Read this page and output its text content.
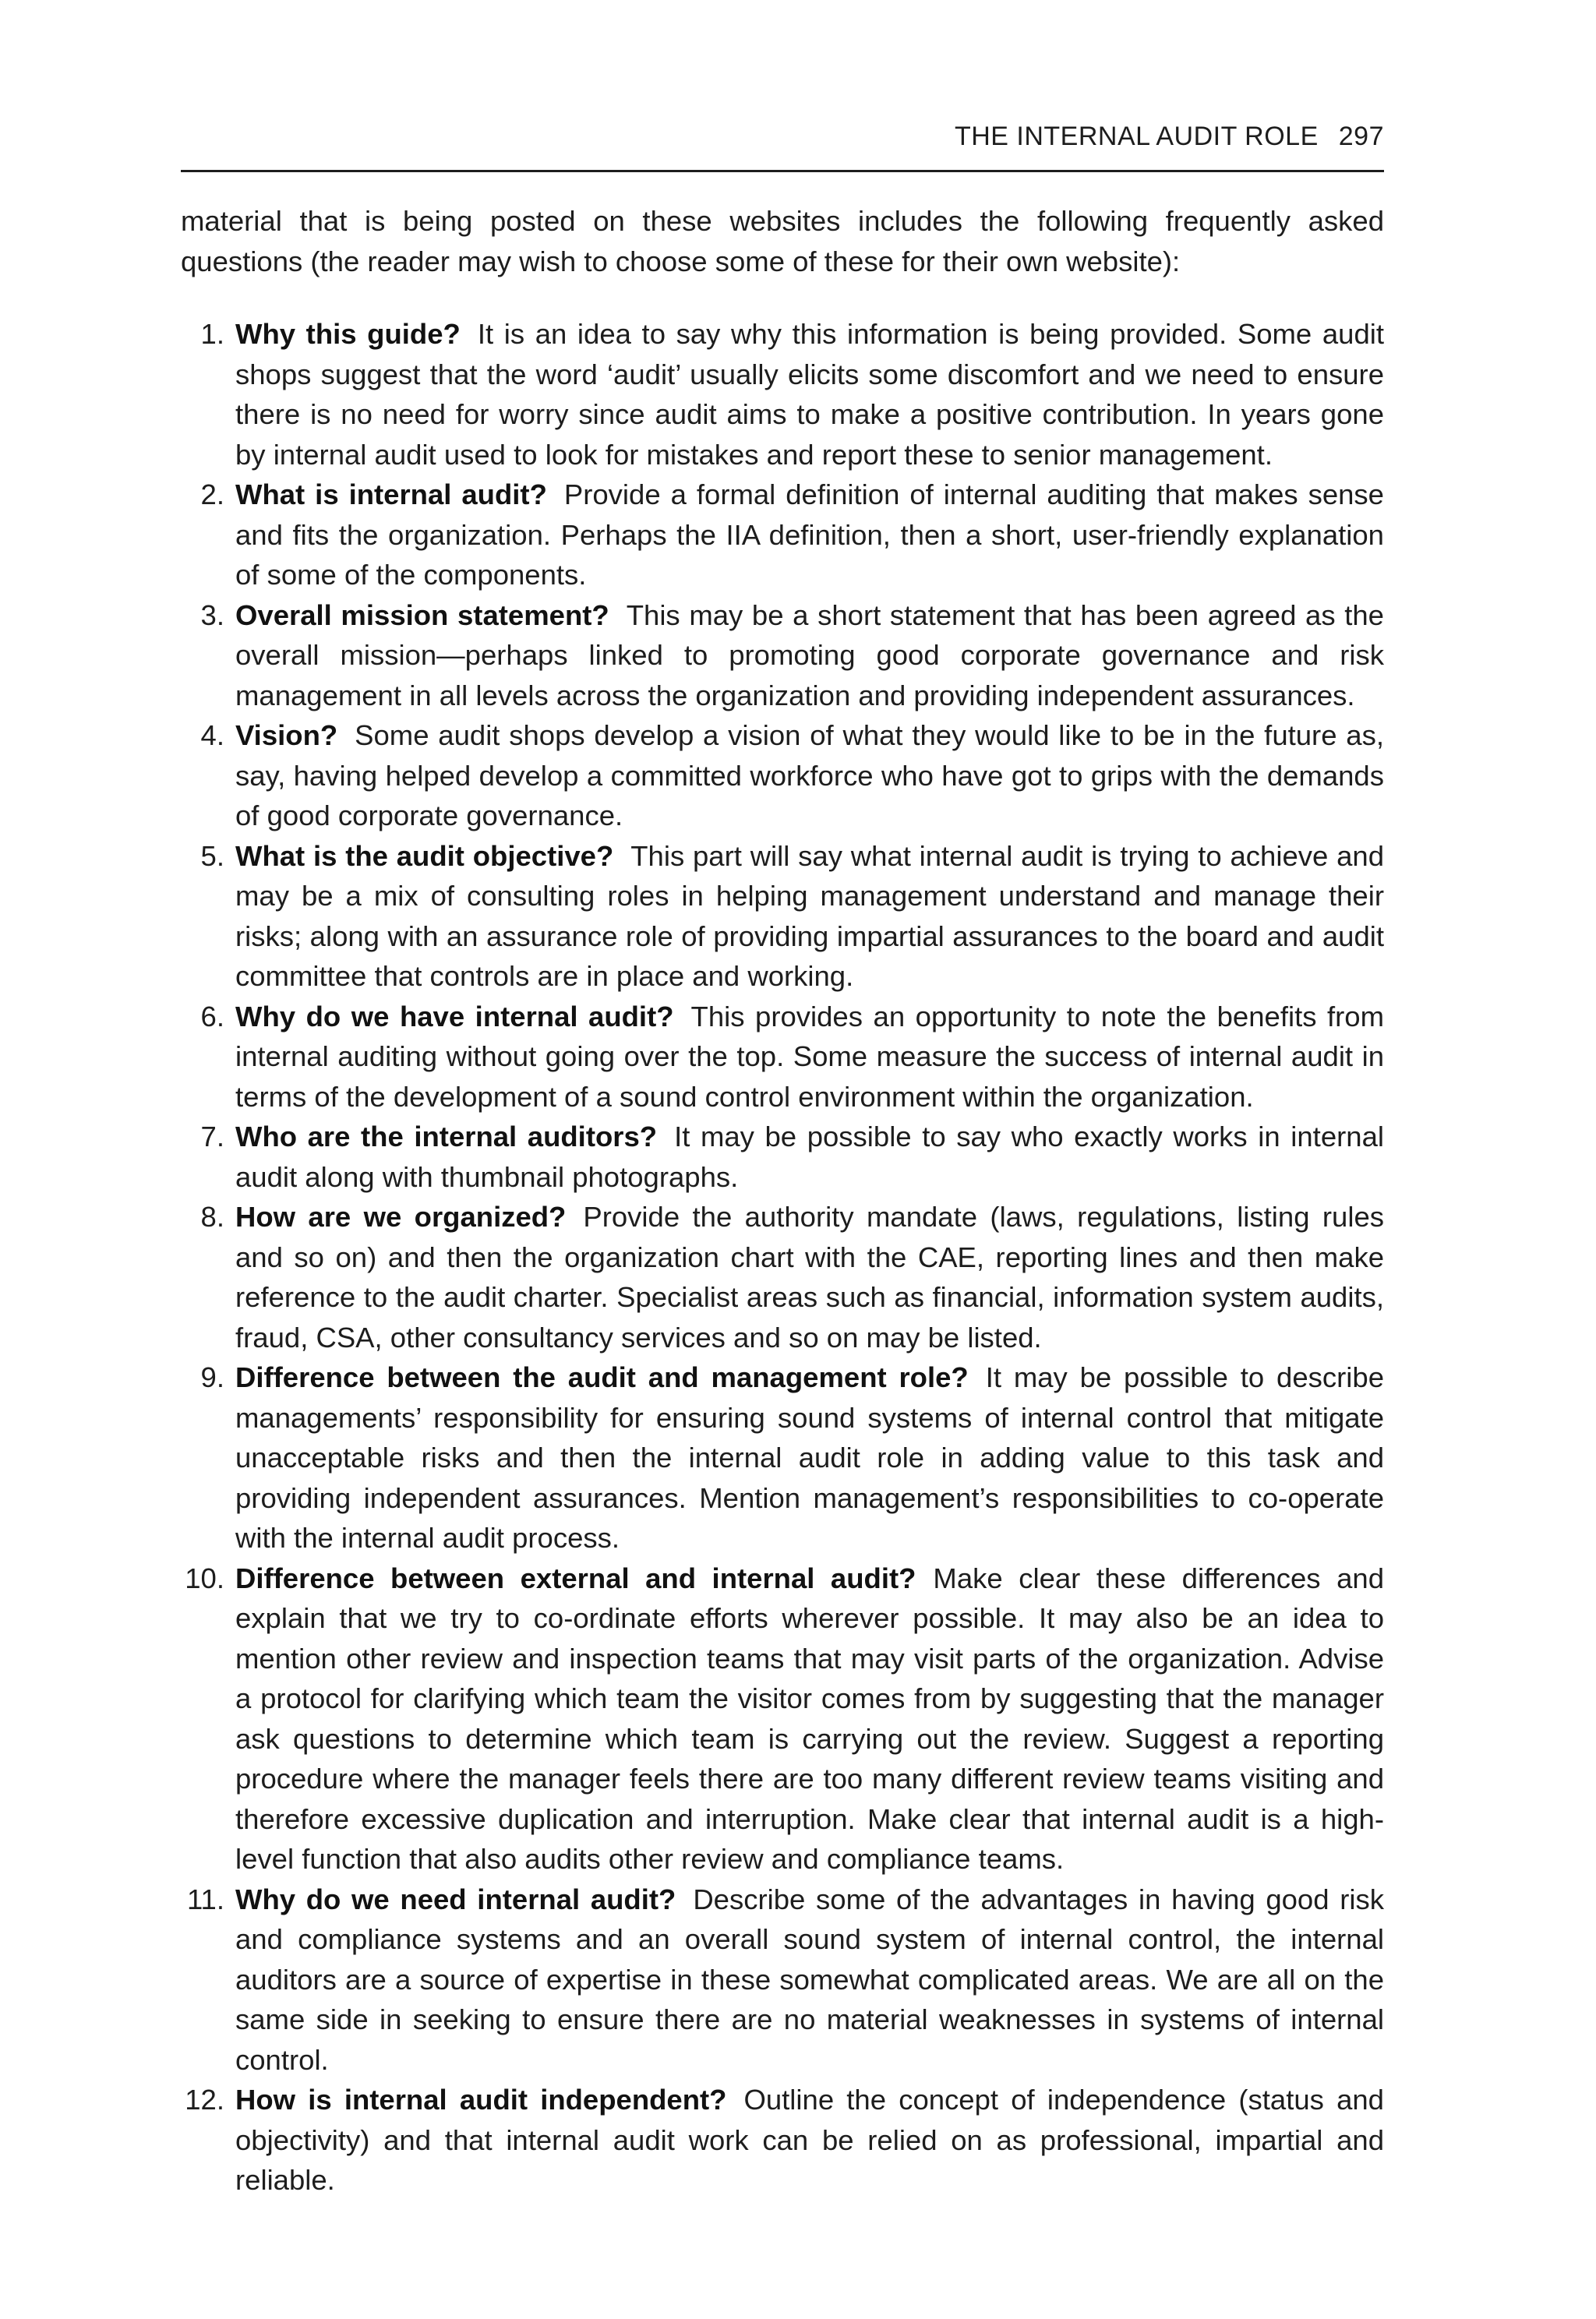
THE INTERNAL AUDIT ROLE 297

material that is being posted on these websites includes the following frequently asked questions (the reader may wish to choose some of these for their own website):

1. Why this guide? It is an idea to say why this information is being provided. Some audit shops suggest that the word ‘audit’ usually elicits some discomfort and we need to ensure there is no need for worry since audit aims to make a positive contribution. In years gone by internal audit used to look for mistakes and report these to senior management.
2. What is internal audit? Provide a formal definition of internal auditing that makes sense and fits the organization. Perhaps the IIA definition, then a short, user-friendly explanation of some of the components.
3. Overall mission statement? This may be a short statement that has been agreed as the overall mission—perhaps linked to promoting good corporate governance and risk management in all levels across the organization and providing independent assurances.
4. Vision? Some audit shops develop a vision of what they would like to be in the future as, say, having helped develop a committed workforce who have got to grips with the demands of good corporate governance.
5. What is the audit objective? This part will say what internal audit is trying to achieve and may be a mix of consulting roles in helping management understand and manage their risks; along with an assurance role of providing impartial assurances to the board and audit committee that controls are in place and working.
6. Why do we have internal audit? This provides an opportunity to note the benefits from internal auditing without going over the top. Some measure the success of internal audit in terms of the development of a sound control environment within the organization.
7. Who are the internal auditors? It may be possible to say who exactly works in internal audit along with thumbnail photographs.
8. How are we organized? Provide the authority mandate (laws, regulations, listing rules and so on) and then the organization chart with the CAE, reporting lines and then make reference to the audit charter. Specialist areas such as financial, information system audits, fraud, CSA, other consultancy services and so on may be listed.
9. Difference between the audit and management role? It may be possible to describe managements’ responsibility for ensuring sound systems of internal control that mitigate unacceptable risks and then the internal audit role in adding value to this task and providing independent assurances. Mention management’s responsibilities to co-operate with the internal audit process.
10. Difference between external and internal audit? Make clear these differences and explain that we try to co-ordinate efforts wherever possible. It may also be an idea to mention other review and inspection teams that may visit parts of the organization. Advise a protocol for clarifying which team the visitor comes from by suggesting that the manager ask questions to determine which team is carrying out the review. Suggest a reporting procedure where the manager feels there are too many different review teams visiting and therefore excessive duplication and interruption. Make clear that internal audit is a high-level function that also audits other review and compliance teams.
11. Why do we need internal audit? Describe some of the advantages in having good risk and compliance systems and an overall sound system of internal control, the internal auditors are a source of expertise in these somewhat complicated areas. We are all on the same side in seeking to ensure there are no material weaknesses in systems of internal control.
12. How is internal audit independent? Outline the concept of independence (status and objectivity) and that internal audit work can be relied on as professional, impartial and reliable.
